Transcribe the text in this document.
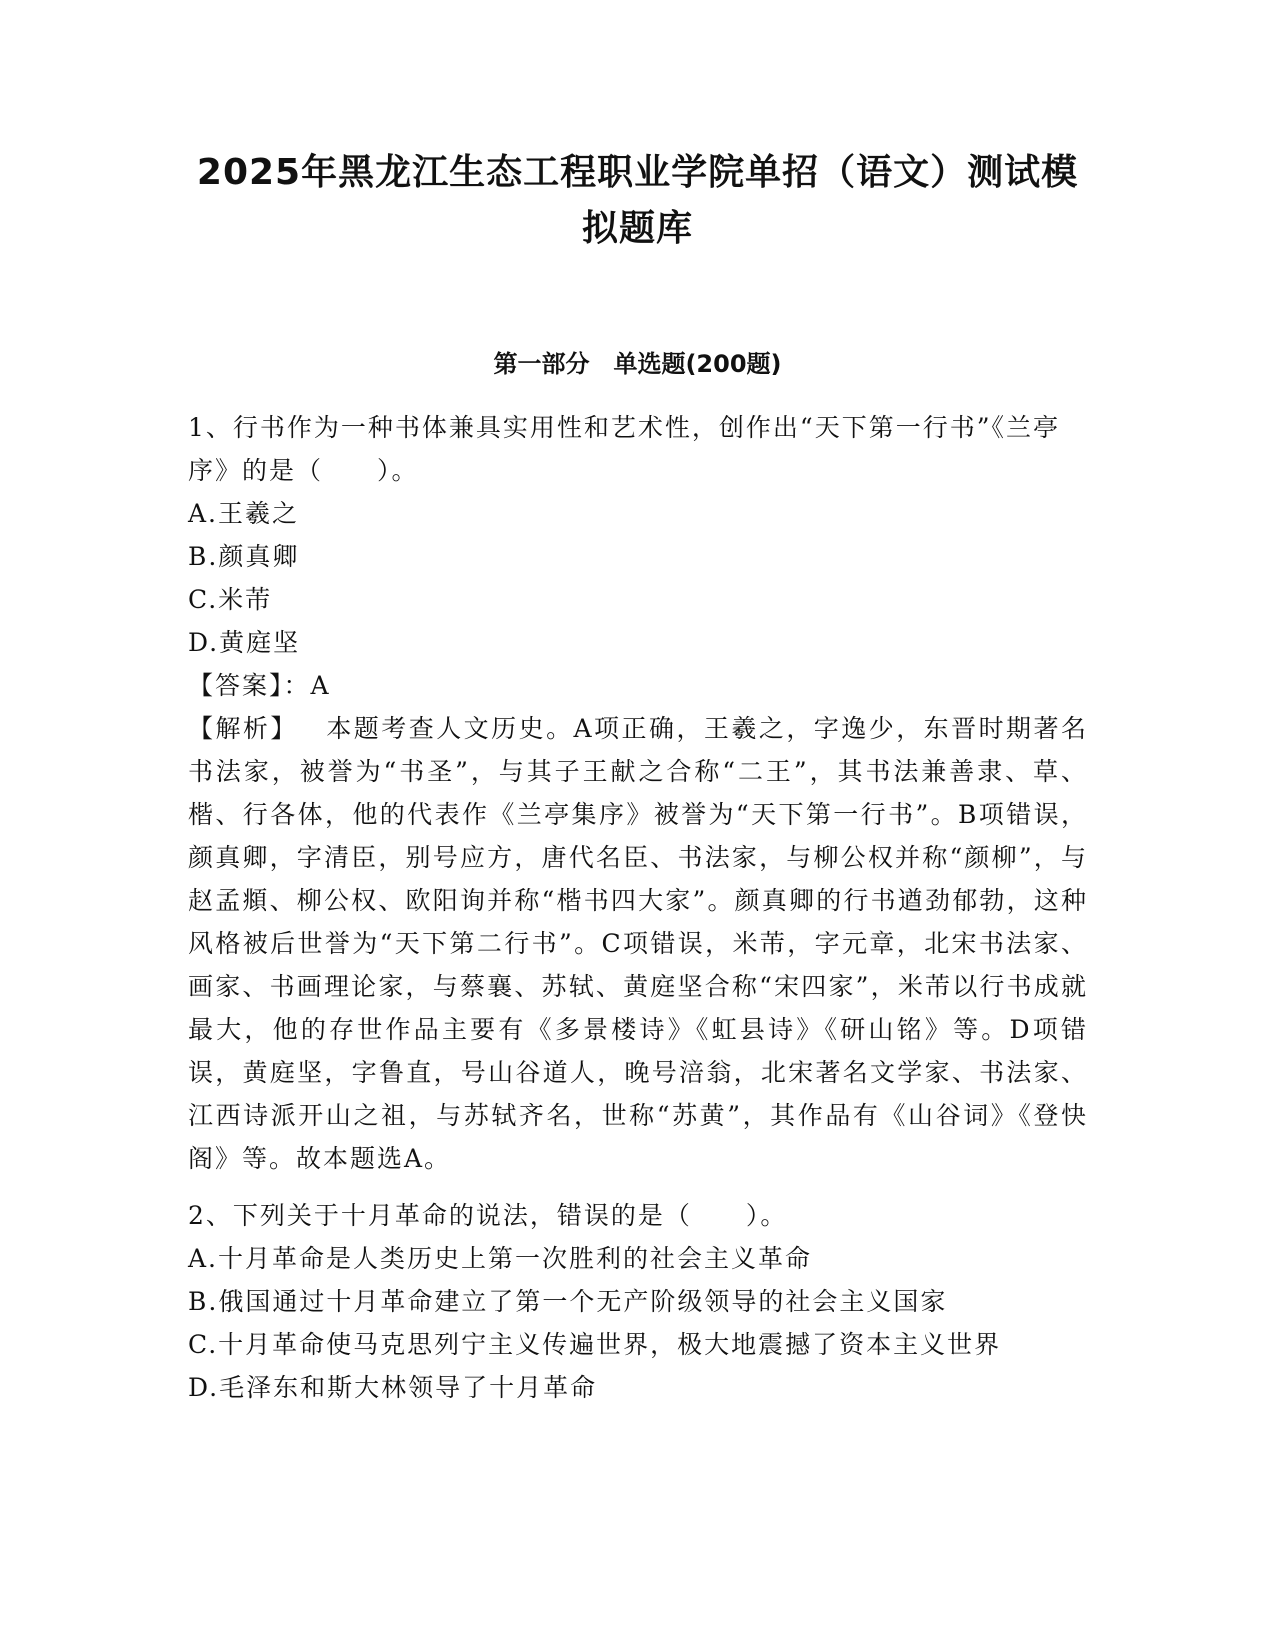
2025年黑龙江生态工程职业学院单招（语文）测试模拟题库
第一部分　单选题(200题)

1、行书作为一种书体兼具实用性和艺术性，创作出“天下第一行书”《兰亭序》的是（　　）。

A.王羲之

B.颜真卿

C.米芾

D.黄庭坚

【答案】：A

【解析】 本题考查人文历史。A项正确，王羲之，字逸少，东晋时期著名书法家，被誉为“书圣”，与其子王献之合称“二王”，其书法兼善隶、草、楷、行各体，他的代表作《兰亭集序》被誉为“天下第一行书”。B项错误，颜真卿，字清臣，别号应方，唐代名臣、书法家，与柳公权并称“颜柳”，与赵孟頫、柳公权、欧阳询并称“楷书四大家”。颜真卿的行书遒劲郁勃，这种风格被后世誉为“天下第二行书”。C项错误，米芾，字元章，北宋书法家、画家、书画理论家，与蔡襄、苏轼、黄庭坚合称“宋四家”，米芾以行书成就最大，他的存世作品主要有《多景楼诗》《虹县诗》《研山铭》等。D项错误，黄庭坚，字鲁直，号山谷道人，晚号涪翁，北宋著名文学家、书法家、江西诗派开山之祖，与苏轼齐名，世称“苏黄”，其作品有《山谷词》《登快阁》等。故本题选A。

2、下列关于十月革命的说法，错误的是（　　）。

A.十月革命是人类历史上第一次胜利的社会主义革命

B.俄国通过十月革命建立了第一个无产阶级领导的社会主义国家

C.十月革命使马克思列宁主义传遍世界，极大地震撼了资本主义世界

D.毛泽东和斯大林领导了十月革命
